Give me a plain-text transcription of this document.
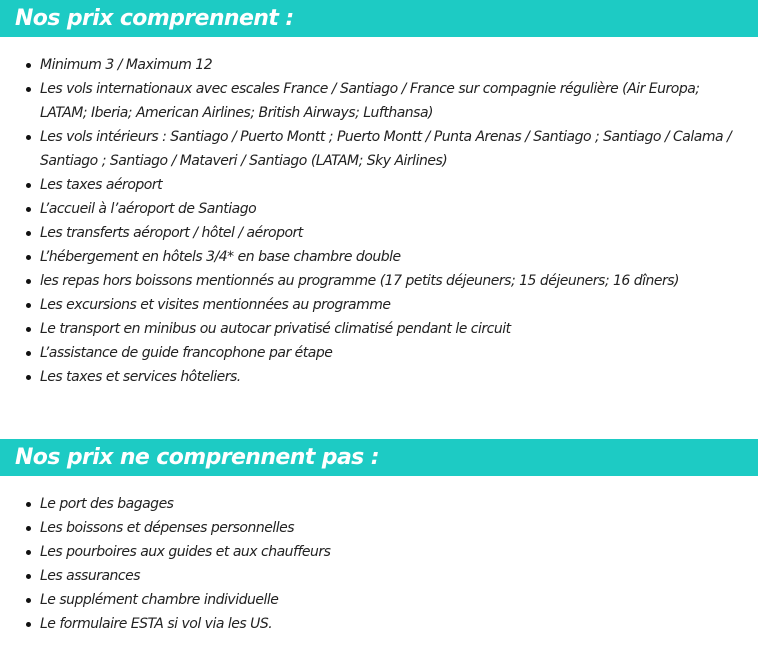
Nos prix comprennent :
Minimum 3 / Maximum 12
Les vols internationaux avec escales France / Santiago / France sur compagnie régulière (Air Europa; LATAM; Iberia; American Airlines; British Airways; Lufthansa)
Les vols intérieurs : Santiago / Puerto Montt ; Puerto Montt / Punta Arenas / Santiago ; Santiago / Calama / Santiago ; Santiago / Mataveri / Santiago (LATAM; Sky Airlines)
Les taxes aéroport
L’accueil à l’aéroport de Santiago
Les transferts aéroport / hôtel / aéroport
L’hébergement en hôtels 3/4* en base chambre double
les repas hors boissons mentionnés au programme (17 petits déjeuners; 15 déjeuners; 16 dîners)
Les excursions et visites mentionnées au programme
Le transport en minibus ou autocar privatisé climatisé pendant le circuit
L’assistance de guide francophone par étape
Les taxes et services hôteliers.
Nos prix ne comprennent pas :
Le port des bagages
Les boissons et dépenses personnelles
Les pourboires aux guides et aux chauffeurs
Les assurances
Le supplément chambre individuelle
Le formulaire ESTA si vol via les US.
